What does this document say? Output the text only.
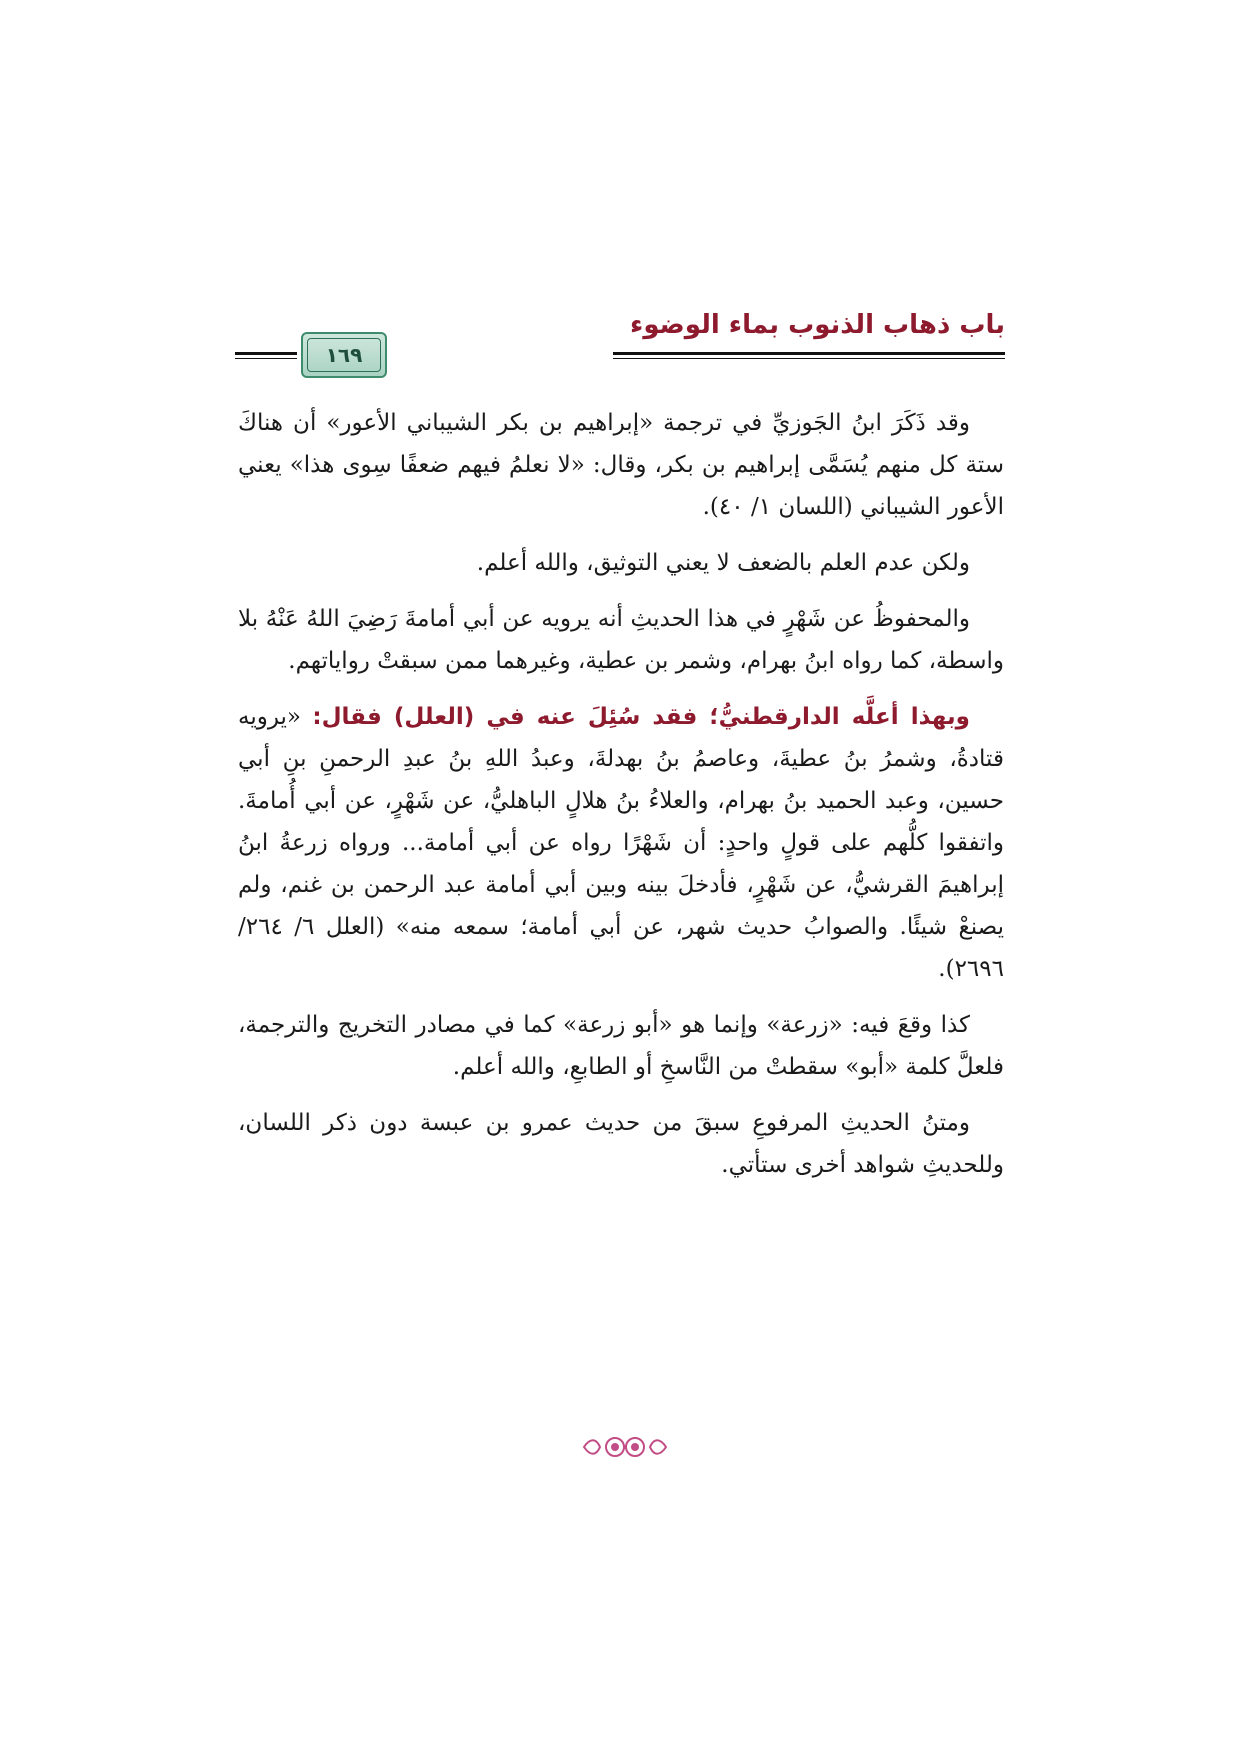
باب ذهاب الذنوب بماء الوضوء
١٦٩

وقد ذَكَرَ ابنُ الجَوزيِّ في ترجمة «إبراهيم بن بكر الشيباني الأعور» أن هناكَ ستة كل منهم يُسَمَّى إبراهيم بن بكر، وقال: «لا نعلمُ فيهم ضعفًا سِوى هذا» يعني الأعور الشيباني (اللسان ١/ ٤٠).

ولكن عدم العلم بالضعف لا يعني التوثيق، والله أعلم.

والمحفوظُ عن شَهْرٍ في هذا الحديثِ أنه يرويه عن أبي أمامةَ رَضِيَ اللهُ عَنْهُ بلا واسطة، كما رواه ابنُ بهرام، وشمر بن عطية، وغيرهما ممن سبقتْ رواياتهم.

وبهذا أعلَّه الدارقطنيُّ؛ فقد سُئِلَ عنه في (العلل) فقال: «يرويه قتادةُ، وشمرُ بنُ عطيةَ، وعاصمُ بنُ بهدلةَ، وعبدُ اللهِ بنُ عبدِ الرحمنِ بنِ أبي حسين، وعبد الحميد بنُ بهرام، والعلاءُ بنُ هلالٍ الباهليُّ، عن شَهْرٍ، عن أبي أُمامةَ. واتفقوا كلُّهم على قولٍ واحدٍ: أن شَهْرًا رواه عن أبي أمامة... ورواه زرعةُ ابنُ إبراهيمَ القرشيُّ، عن شَهْرٍ، فأدخلَ بينه وبين أبي أمامة عبد الرحمن بن غنم، ولم يصنعْ شيئًا. والصوابُ حديث شهر، عن أبي أمامة؛ سمعه منه» (العلل ٦/ ٢٦٤/ ٢٦٩٦).

كذا وقعَ فيه: «زرعة» وإنما هو «أبو زرعة» كما في مصادر التخريج والترجمة، فلعلَّ كلمة «أبو» سقطتْ من النَّاسخِ أو الطابعِ، والله أعلم.

ومتنُ الحديثِ المرفوعِ سبقَ من حديث عمرو بن عبسة دون ذكر اللسان، وللحديثِ شواهد أخرى ستأتي.
